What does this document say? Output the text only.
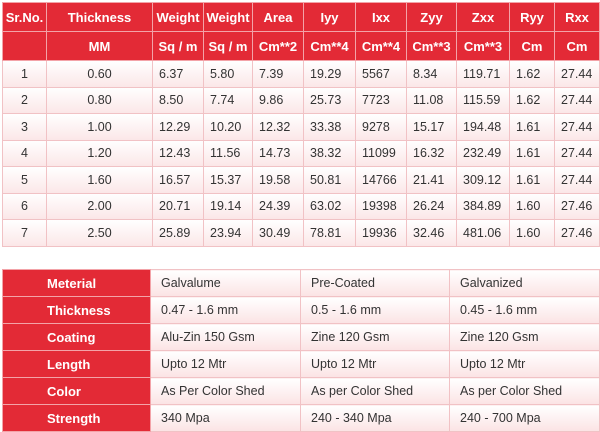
Sr.No.	Thickness	Weight	Weight	Area	Iyy	Ixx	Zyy	Zxx	Ryy	Rxx
	MM	Sq / m	Sq / m	Cm**2	Cm**4	Cm**4	Cm**3	Cm**3	Cm	Cm
1	0.60	6.37	5.80	7.39	19.29	5567	8.34	119.71	1.62	27.44
2	0.80	8.50	7.74	9.86	25.73	7723	11.08	115.59	1.62	27.44
3	1.00	12.29	10.20	12.32	33.38	9278	15.17	194.48	1.61	27.44
4	1.20	12.43	11.56	14.73	38.32	11099	16.32	232.49	1.61	27.44
5	1.60	16.57	15.37	19.58	50.81	14766	21.41	309.12	1.61	27.44
6	2.00	20.71	19.14	24.39	63.02	19398	26.24	384.89	1.60	27.46
7	2.50	25.89	23.94	30.49	78.81	19936	32.46	481.06	1.60	27.46
Meterial	Galvalume	Pre-Coated	Galvanized
Thickness	0.47 - 1.6 mm	0.5 - 1.6 mm	0.45 - 1.6 mm
Coating	Alu-Zin 150 Gsm	Zine 120 Gsm	Zine 120 Gsm
Length	Upto 12 Mtr	Upto 12 Mtr	Upto 12 Mtr
Color	As Per Color Shed	As per Color Shed	As per Color Shed
Strength	340 Mpa	240 - 340 Mpa	240 - 700 Mpa
